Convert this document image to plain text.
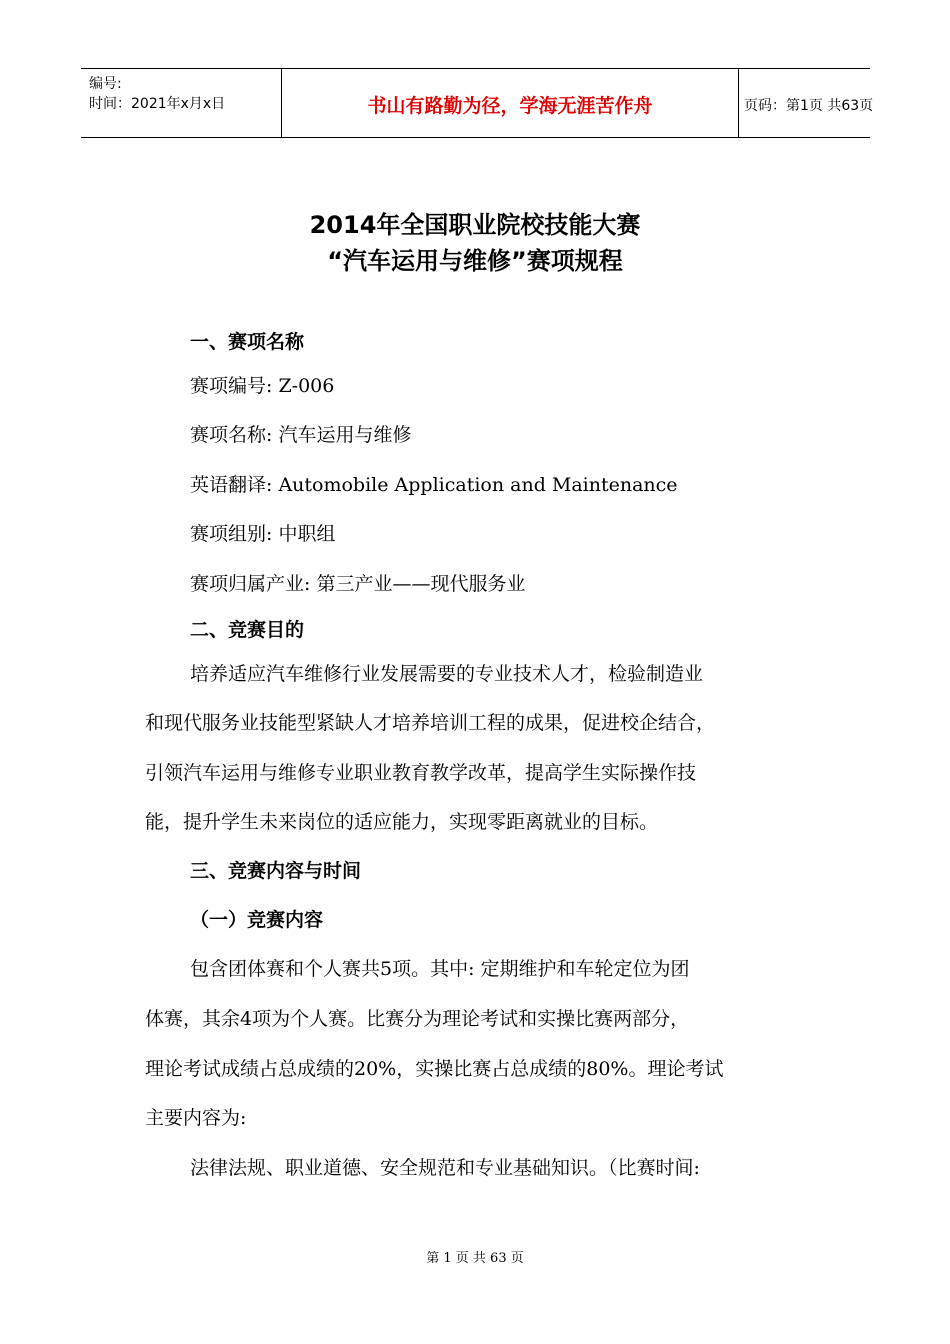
编号:
时间：2021年x月x日	书山有路勤为径，学海无涯苦作舟	页码：第1页 共63页
2014年全国职业院校技能大赛
“汽车运用与维修”赛项规程
一、赛项名称
赛项编号: Z-006
赛项名称: 汽车运用与维修
英语翻译: Automobile Application and Maintenance
赛项组别: 中职组
赛项归属产业: 第三产业——现代服务业
二、竞赛目的
培养适应汽车维修行业发展需要的专业技术人才，检验制造业
和现代服务业技能型紧缺人才培养培训工程的成果，促进校企结合，
引领汽车运用与维修专业职业教育教学改革，提高学生实际操作技
能，提升学生未来岗位的适应能力，实现零距离就业的目标。
三、竞赛内容与时间
（一）竞赛内容
包含团体赛和个人赛共5项。其中: 定期维护和车轮定位为团
体赛，其余4项为个人赛。比赛分为理论考试和实操比赛两部分，
理论考试成绩占总成绩的20%，实操比赛占总成绩的80%。理论考试
主要内容为:
法律法规、职业道德、安全规范和专业基础知识。（比赛时间:
第 1 页 共 63 页
